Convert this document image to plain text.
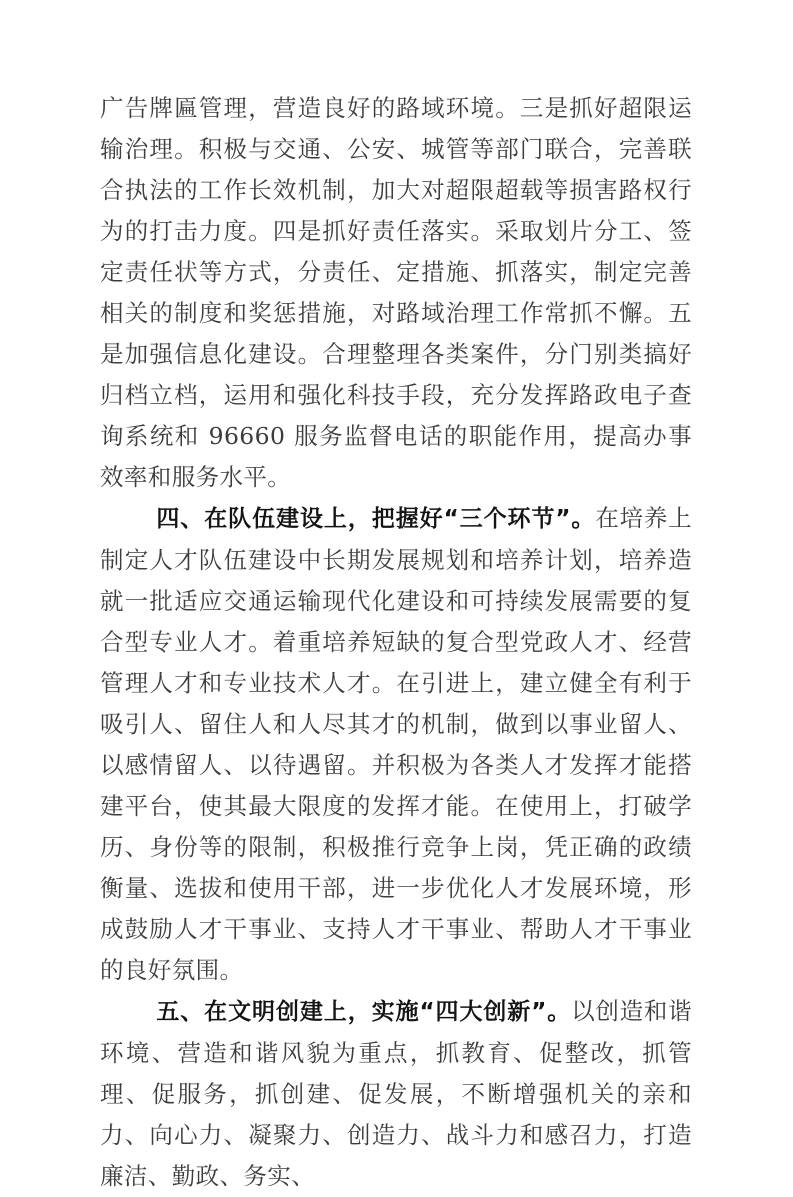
广告牌匾管理，营造良好的路域环境。三是抓好超限运输治理。积极与交通、公安、城管等部门联合，完善联合执法的工作长效机制，加大对超限超载等损害路权行为的打击力度。四是抓好责任落实。采取划片分工、签定责任状等方式，分责任、定措施、抓落实，制定完善相关的制度和奖惩措施，对路域治理工作常抓不懈。五是加强信息化建设。合理整理各类案件，分门别类搞好归档立档，运用和强化科技手段，充分发挥路政电子查询系统和 96660 服务监督电话的职能作用，提高办事效率和服务水平。

四、在队伍建设上，把握好“三个环节”。在培养上制定人才队伍建设中长期发展规划和培养计划，培养造就一批适应交通运输现代化建设和可持续发展需要的复合型专业人才。着重培养短缺的复合型党政人才、经营管理人才和专业技术人才。在引进上，建立健全有利于吸引人、留住人和人尽其才的机制，做到以事业留人、以感情留人、以待遇留。并积极为各类人才发挥才能搭建平台，使其最大限度的发挥才能。在使用上，打破学历、身份等的限制，积极推行竞争上岗，凭正确的政绩衡量、选拔和使用干部，进一步优化人才发展环境，形成鼓励人才干事业、支持人才干事业、帮助人才干事业的良好氛围。

五、在文明创建上，实施“四大创新”。以创造和谐环境、营造和谐风貌为重点，抓教育、促整改，抓管理、促服务，抓创建、促发展，不断增强机关的亲和力、向心力、凝聚力、创造力、战斗力和感召力，打造廉洁、勤政、务实、
